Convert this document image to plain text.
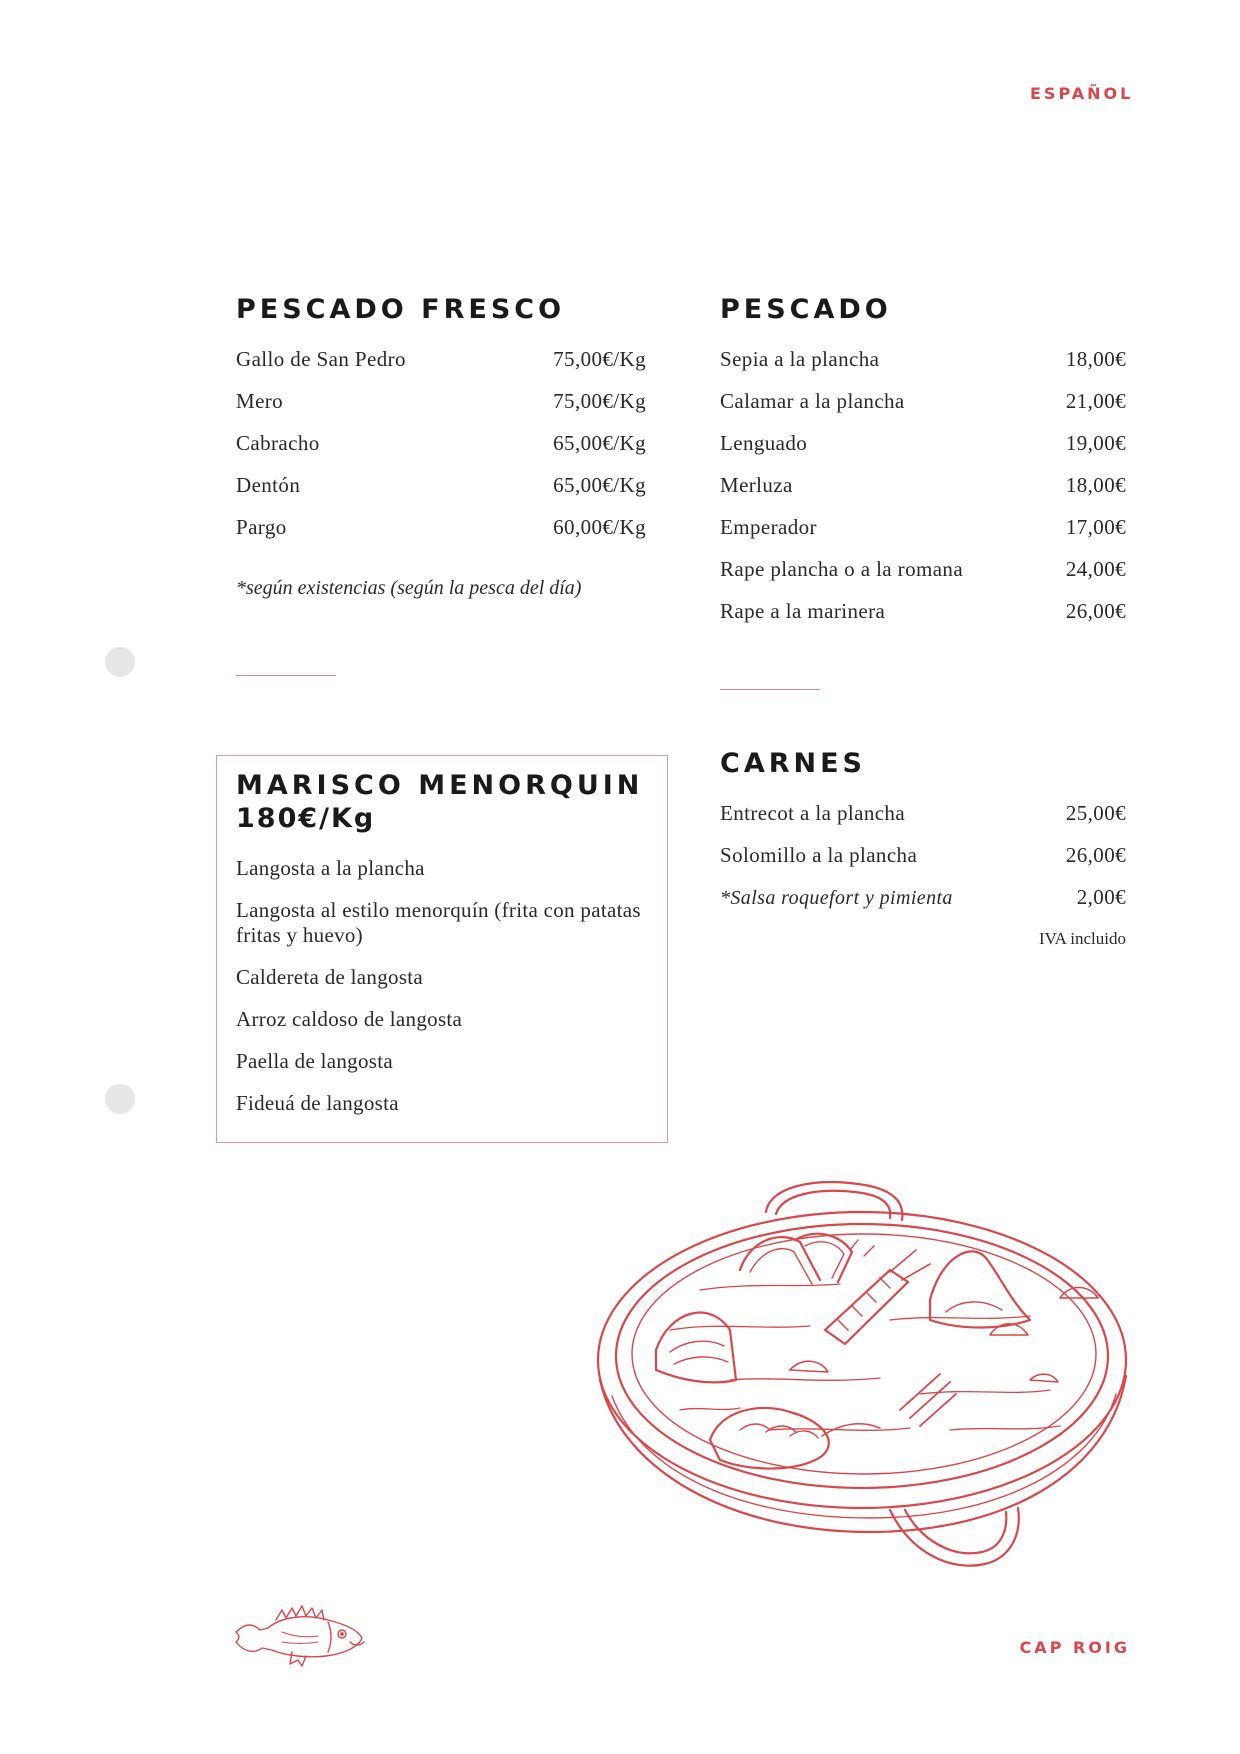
ESPAÑOL
PESCADO FRESCO
Gallo de San Pedro	75,00€/Kg
Mero	75,00€/Kg
Cabracho	65,00€/Kg
Dentón	65,00€/Kg
Pargo	60,00€/Kg
*según existencias (según la pesca del día)
PESCADO
Sepia a la plancha	18,00€
Calamar a la plancha	21,00€
Lenguado	19,00€
Merluza	18,00€
Emperador	17,00€
Rape plancha o a la romana	24,00€
Rape a la marinera	26,00€
MARISCO MENORQUIN
180€/Kg
Langosta a la plancha
Langosta al estilo menorquín (frita con patatas fritas y huevo)
Caldereta de langosta
Arroz caldoso de langosta
Paella de langosta
Fideuá de langosta
CARNES
Entrecot a la plancha	25,00€
Solomillo a la plancha	26,00€
*Salsa roquefort y pimienta	2,00€
IVA incluido
CAP ROIG
